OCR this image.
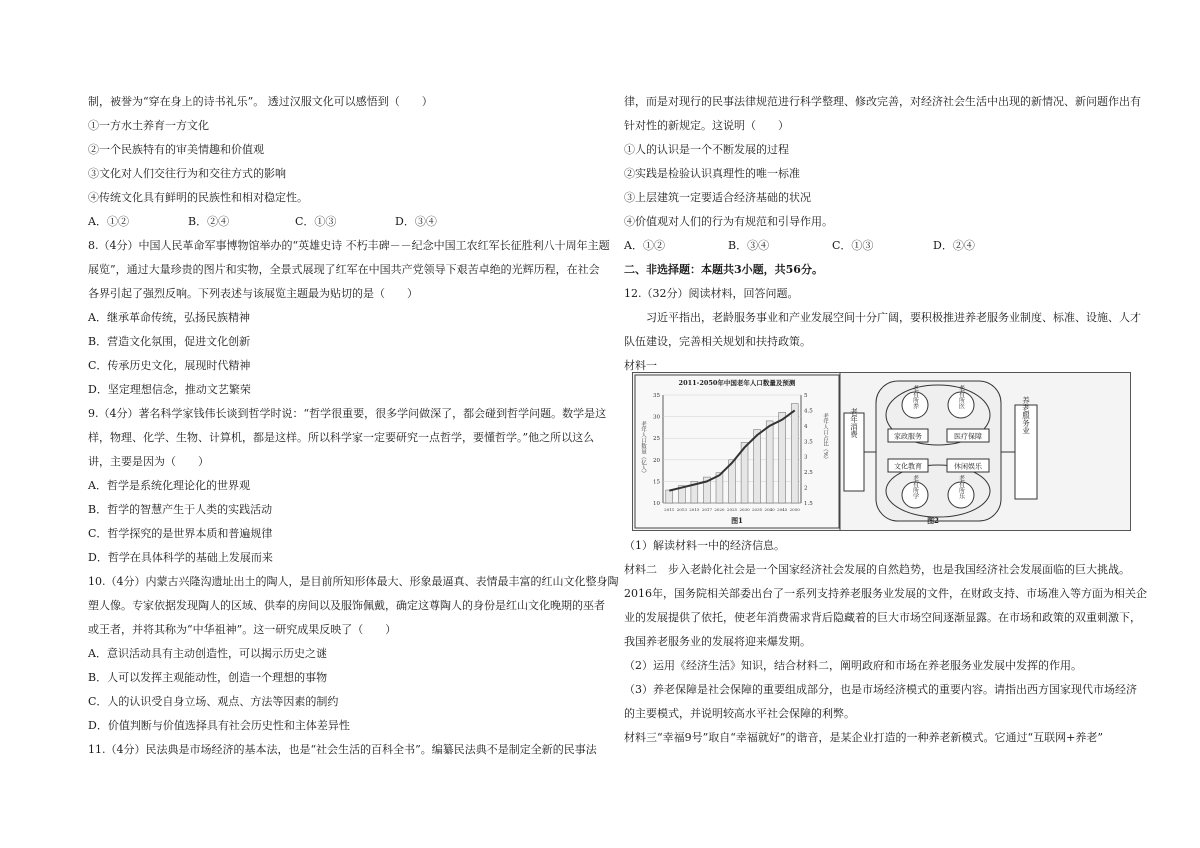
制，被誉为“穿在身上的诗书礼乐”。 透过汉服文化可以感悟到（　　）
①一方水土养育一方文化
②一个民族特有的审美情趣和价值观
③文化对人们交往行为和交往方式的影响
④传统文化具有鲜明的民族性和相对稳定性。
A．①②	B．②④	C．①③	D．③④
8.（4分）中国人民革命军事博物馆举办的“英雄史诗 不朽丰碑－－纪念中国工农红军长征胜利八十周年主题
展览”，通过大量珍贵的图片和实物，全景式展现了红军在中国共产党领导下艰苦卓绝的光辉历程，在社会
各界引起了强烈反响。下列表述与该展览主题最为贴切的是（　　）
A．继承革命传统，弘扬民族精神
B．营造文化氛围，促进文化创新
C．传承历史文化，展现时代精神
D．坚定理想信念，推动文艺繁荣
9.（4分）著名科学家钱伟长谈到哲学时说：“哲学很重要，很多学问做深了，都会碰到哲学问题。数学是这
样，物理、化学、生物、计算机，都是这样。所以科学家一定要研究一点哲学，要懂哲学。”他之所以这么
讲，主要是因为（　　）
A．哲学是系统化理论化的世界观
B．哲学的智慧产生于人类的实践活动
C．哲学探究的是世界本质和普遍规律
D．哲学在具体科学的基础上发展而来
10.（4分）内蒙古兴隆沟遗址出土的陶人，是目前所知形体最大、形象最逼真、表情最丰富的红山文化整身陶
塑人像。专家依据发现陶人的区域、供奉的房间以及服饰佩戴，确定这尊陶人的身份是红山文化晚期的巫者
或王者，并将其称为“中华祖神”。这一研究成果反映了（　　）
A．意识活动具有主动创造性，可以揭示历史之谜
B．人可以发挥主观能动性，创造一个理想的事物
C．人的认识受自身立场、观点、方法等因素的制约
D．价值判断与价值选择具有社会历史性和主体差异性
11.（4分）民法典是市场经济的基本法，也是“社会生活的百科全书”。编纂民法典不是制定全新的民事法
律，而是对现行的民事法律规范进行科学整理、修改完善，对经济社会生活中出现的新情况、新问题作出有
针对性的新规定。这说明（　　）
①人的认识是一个不断发展的过程
②实践是检验认识真理性的唯一标准
③上层建筑一定要适合经济基础的状况
④价值观对人们的行为有规范和引导作用。
A．①②	B．③④	C．①③	D．②④
二、非选择题：本题共3小题，共56分。
12.（32分）阅读材料，回答问题。
习近平指出，老龄服务事业和产业发展空间十分广阔，要积极推进养老服务业制度、标准、设施、人才
队伍建设，完善相关规划和扶持政策。
材料一
2011-2050年中国老年人口数量及预测
图1
老年人口数量（亿人）	老年人口占比（%）
35
30
25
20
15
10
5
4.5
4
3.5
3
2.5
2
1.5
2011 2013 2015 2017 2020 2025 2030 2035 2040 2045 2050
老年消费
老有所养	老有所医
老有所学	老有所乐
家政服务	医疗保障
文化教育	休闲娱乐
养老服务业
图2
（1）解读材料一中的经济信息。
材料二　步入老龄化社会是一个国家经济社会发展的自然趋势，也是我国经济社会发展面临的巨大挑战。
2016年，国务院相关部委出台了一系列支持养老服务业发展的文件，在财政支持、市场准入等方面为相关企
业的发展提供了依托，使老年消费需求背后隐藏着的巨大市场空间逐渐显露。在市场和政策的双重刺激下，
我国养老服务业的发展将迎来爆发期。
（2）运用《经济生活》知识，结合材料二，阐明政府和市场在养老服务业发展中发挥的作用。
（3）养老保障是社会保障的重要组成部分，也是市场经济模式的重要内容。请指出西方国家现代市场经济
的主要模式，并说明较高水平社会保障的利弊。
材料三“幸福9号”取自“幸福就好”的谐音，是某企业打造的一种养老新模式。它通过“互联网+养老”
